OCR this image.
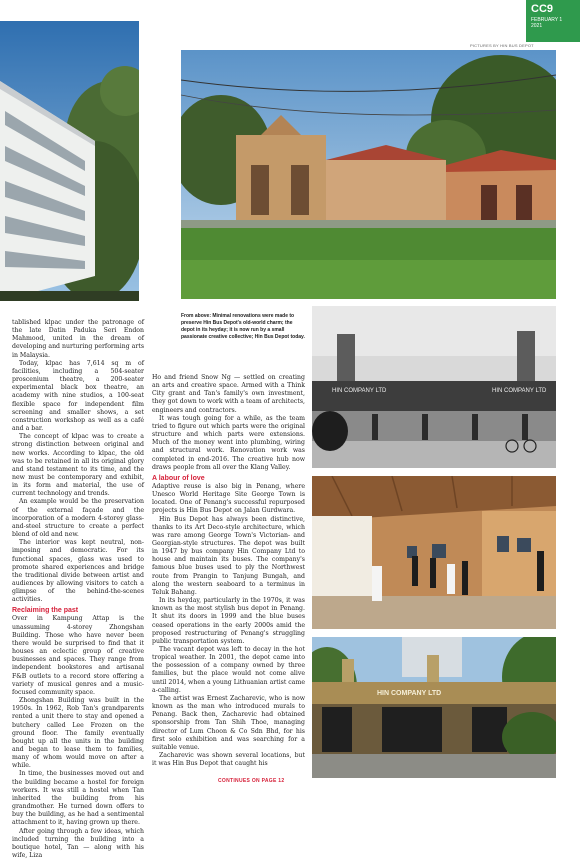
CC9
FEBRUARY 1
2021
PICTURES BY HIN BUS DEPOT
HIN COMPANY LTD	HIN COMPANY LTD
HIN COMPANY LTD
From above: Minimal renovations were made to preserve Hin Bus Depot's old-world charm; the depot in its heyday; it is now run by a small passionate creative collective; Hin Bus Depot today.

tablished klpac under the patronage of the late Datin Paduka Seri Endon Mahmood, united in the dream of developing and nurturing performing arts in Malaysia.

Today, klpac has 7,614 sq m of facilities, including a 504-seater proscenium theatre, a 200-seater experimental black box theatre, an academy with nine studios, a 100-seat flexible space for independent film screening and smaller shows, a set construction workshop as well as a café and a bar.

The concept of klpac was to create a strong distinction between original and new works. According to klpac, the old was to be retained in all its original glory and stand testament to its time, and the new must be contemporary and exhibit, in its form and material, the use of current technology and trends.

An example would be the preservation of the external façade and the incorporation of a modern 4-storey glass-and-steel structure to create a perfect blend of old and new.

The interior was kept neutral, non-imposing and democratic. For its functional spaces, glass was used to promote shared experiences and bridge the traditional divide between artist and audiences by allowing visitors to catch a glimpse of the behind-the-scenes activities.

Reclaiming the past

Over in Kampung Attap is the unassuming 4-storey Zhongshan Building. Those who have never been there would be surprised to find that it houses an eclectic group of creative businesses and spaces. They range from independent bookstores and artisanal F&B outlets to a record store offering a variety of musical genres and a music-focused community space.

Zhongshan Building was built in the 1950s. In 1962, Rob Tan's grandparents rented a unit there to stay and opened a butchery called Lee Frozen on the ground floor. The family eventually bought up all the units in the building and began to lease them to families, many of whom would move on after a while.

In time, the businesses moved out and the building became a hostel for foreign workers. It was still a hostel when Tan inherited the building from his grandmother. He turned down offers to buy the building, as he had a sentimental attachment to it, having grown up there.

After going through a few ideas, which included turning the building into a boutique hotel, Tan — along with his wife, Liza

Ho and friend Snow Ng — settled on creating an arts and creative space. Armed with a Think City grant and Tan's family's own investment, they got down to work with a team of architects, engineers and contractors.

It was tough going for a while, as the team tried to figure out which parts were the original structure and which parts were extensions. Much of the money went into plumbing, wiring and structural work. Renovation work was completed in end-2016. The creative hub now draws people from all over the Klang Valley.

A labour of love

Adaptive reuse is also big in Penang, where Unesco World Heritage Site George Town is located. One of Penang's successful repurposed projects is Hin Bus Depot on Jalan Gurdwara.

Hin Bus Depot has always been distinctive, thanks to its Art Deco-style architecture, which was rare among George Town's Victorian- and Georgian-style structures. The depot was built in 1947 by bus company Hin Company Ltd to house and maintain its buses. The company's famous blue buses used to ply the Northwest route from Prangin to Tanjung Bungah, and along the western seaboard to a terminus in Teluk Bahang.

In its heyday, particularly in the 1970s, it was known as the most stylish bus depot in Penang. It shut its doors in 1999 and the blue buses ceased operations in the early 2000s amid the proposed restructuring of Penang's struggling public transportation system.

The vacant depot was left to decay in the hot tropical weather. In 2001, the depot came into the possession of a company owned by three families, but the place would not come alive until 2014, when a young Lithuanian artist came a-calling.

The artist was Ernest Zacharevic, who is now known as the man who introduced murals to Penang. Back then, Zacharevic had obtained sponsorship from Tan Shih Thoe, managing director of Lum Choon & Co Sdn Bhd, for his first solo exhibition and was searching for a suitable venue.

Zacharevic was shown several locations, but it was Hin Bus Depot that caught his

CONTINUES ON PAGE 12
